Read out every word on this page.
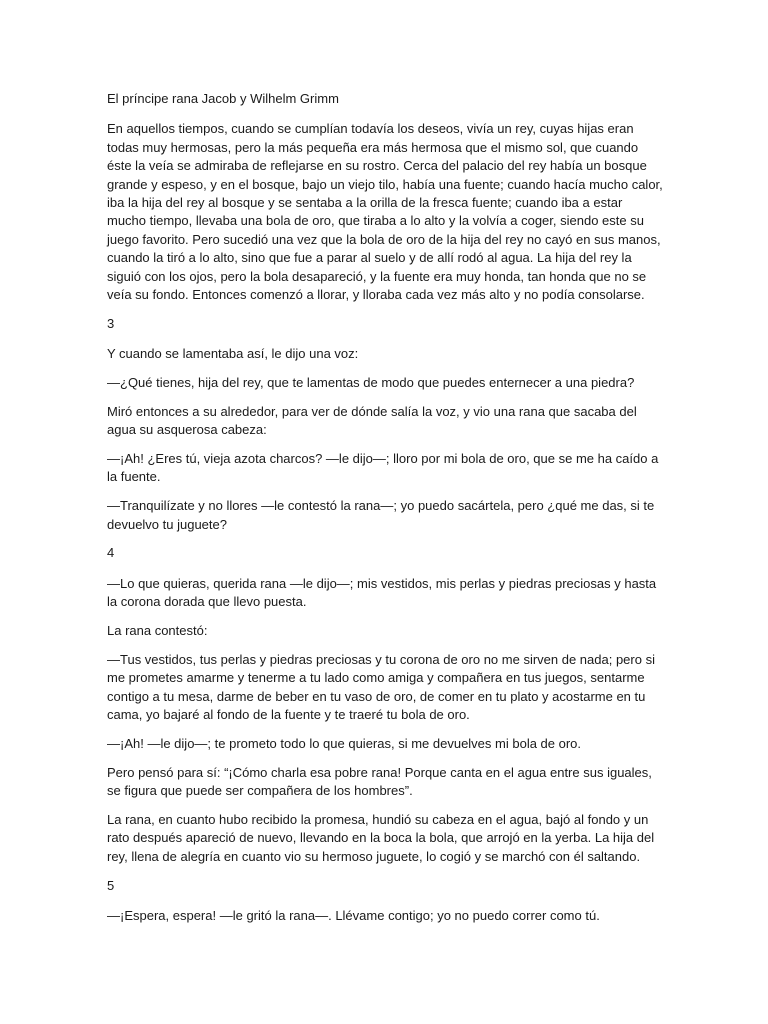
El príncipe rana Jacob y Wilhelm Grimm

En aquellos tiempos, cuando se cumplían todavía los deseos, vivía un rey, cuyas hijas eran todas muy hermosas, pero la más pequeña era más hermosa que el mismo sol, que cuando éste la veía se admiraba de reflejarse en su rostro. Cerca del palacio del rey había un bosque grande y espeso, y en el bosque, bajo un viejo tilo, había una fuente; cuando hacía mucho calor, iba la hija del rey al bosque y se sentaba a la orilla de la fresca fuente; cuando iba a estar mucho tiempo, llevaba una bola de oro, que tiraba a lo alto y la volvía a coger, siendo este su juego favorito. Pero sucedió una vez que la bola de oro de la hija del rey no cayó en sus manos, cuando la tiró a lo alto, sino que fue a parar al suelo y de allí rodó al agua. La hija del rey la siguió con los ojos, pero la bola desapareció, y la fuente era muy honda, tan honda que no se veía su fondo. Entonces comenzó a llorar, y lloraba cada vez más alto y no podía consolarse.

3

Y cuando se lamentaba así, le dijo una voz:

—¿Qué tienes, hija del rey, que te lamentas de modo que puedes enternecer a una piedra?

Miró entonces a su alrededor, para ver de dónde salía la voz, y vio una rana que sacaba del agua su asquerosa cabeza:

—¡Ah! ¿Eres tú, vieja azota charcos? —le dijo—; lloro por mi bola de oro, que se me ha caído a la fuente.

—Tranquilízate y no llores —le contestó la rana—; yo puedo sacártela, pero ¿qué me das, si te devuelvo tu juguete?

4

—Lo que quieras, querida rana —le dijo—; mis vestidos, mis perlas y piedras preciosas y hasta la corona dorada que llevo puesta.

La rana contestó:

—Tus vestidos, tus perlas y piedras preciosas y tu corona de oro no me sirven de nada; pero si me prometes amarme y tenerme a tu lado como amiga y compañera en tus juegos, sentarme contigo a tu mesa, darme de beber en tu vaso de oro, de comer en tu plato y acostarme en tu cama, yo bajaré al fondo de la fuente y te traeré tu bola de oro.

—¡Ah! —le dijo—; te prometo todo lo que quieras, si me devuelves mi bola de oro.

Pero pensó para sí: “¡Cómo charla esa pobre rana! Porque canta en el agua entre sus iguales, se figura que puede ser compañera de los hombres”.

La rana, en cuanto hubo recibido la promesa, hundió su cabeza en el agua, bajó al fondo y un rato después apareció de nuevo, llevando en la boca la bola, que arrojó en la yerba. La hija del rey, llena de alegría en cuanto vio su hermoso juguete, lo cogió y se marchó con él saltando.

5

—¡Espera, espera! —le gritó la rana—. Llévame contigo; yo no puedo correr como tú.
